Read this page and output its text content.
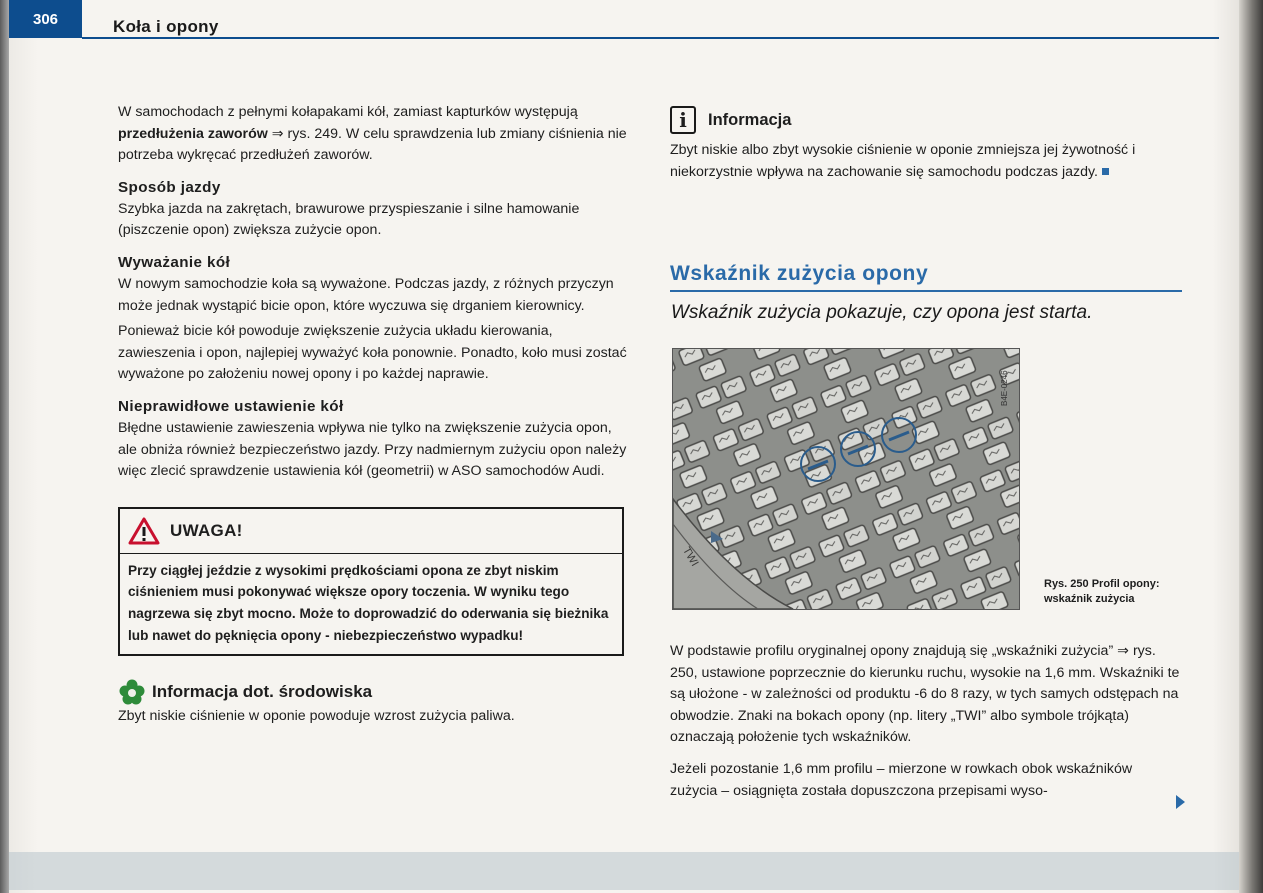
306	Koła i opony

W samochodach z pełnymi kołapakami kół, zamiast kapturków występują przedłużenia zaworów ⇒ rys. 249. W celu sprawdzenia lub zmiany ciśnienia nie potrzeba wykręcać przedłużeń zaworów.

Sposób jazdy

Szybka jazda na zakrętach, brawurowe przyspieszanie i silne hamowanie (piszczenie opon) zwiększa zużycie opon.

Wyważanie kół

W nowym samochodzie koła są wyważone. Podczas jazdy, z różnych przyczyn może jednak wystąpić bicie opon, które wyczuwa się drganiem kierownicy.

Ponieważ bicie kół powoduje zwiększenie zużycia układu kierowania, zawieszenia i opon, najlepiej wyważyć koła ponownie. Ponadto, koło musi zostać wyważone po założeniu nowej opony i po każdej naprawie.

Nieprawidłowe ustawienie kół

Błędne ustawienie zawieszenia wpływa nie tylko na zwiększenie zużycia opon, ale obniża również bezpieczeństwo jazdy. Przy nadmiernym zużyciu opon należy więc zlecić sprawdzenie ustawienia kół (geometrii) w ASO samochodów Audi.

UWAGA!
Przy ciągłej jeździe z wysokimi prędkościami opona ze zbyt niskim ciśnieniem musi pokonywać większe opory toczenia. W wyniku tego nagrzewa się zbyt mocno. Może to doprowadzić do oderwania się bieżnika lub nawet do pęknięcia opony - niebezpieczeństwo wypadku!
Informacja dot. środowiska

Zbyt niskie ciśnienie w oponie powoduje wzrost zużycia paliwa.

i	Informacja

Zbyt niskie albo zbyt wysokie ciśnienie w oponie zmniejsza jej żywotność i niekorzystnie wpływa na zachowanie się samochodu podczas jazdy.

Wskaźnik zużycia opony
Wskaźnik zużycia pokazuje, czy opona jest starta.
TWI
B4E-0246
Rys. 250 Profil opony:
wskaźnik zużycia

W podstawie profilu oryginalnej opony znajdują się „wskaźniki zużycia” ⇒ rys. 250, ustawione poprzecznie do kierunku ruchu, wysokie na 1,6 mm. Wskaźniki te są ułożone - w zależności od produktu -6 do 8 razy, w tych samych odstępach na obwodzie. Znaki na bokach opony (np. litery „TWI” albo symbole trójkąta) oznaczają położenie tych wskaźników.

Jeżeli pozostanie 1,6 mm profilu – mierzone w rowkach obok wskaźników zużycia – osiągnięta została dopuszczona przepisami wyso-
